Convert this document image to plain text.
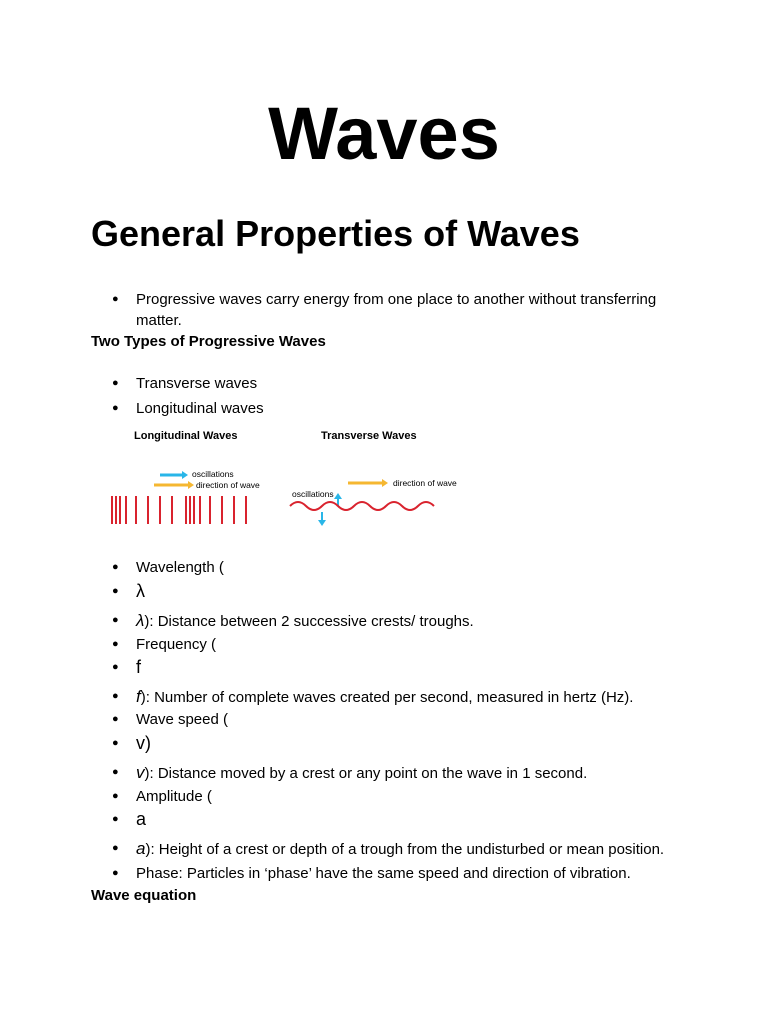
Waves
General Properties of Waves
●	Progressive waves carry energy from one place to another without transferring matter.
Two Types of Progressive Waves
●	Transverse waves
●	Longitudinal waves
Longitudinal Waves	Transverse Waves
oscillations
direction of wave	direction of wave
oscillations
●	Wavelength (
● λ
●	λ): Distance between 2 successive crests/ troughs.
●	Frequency (
● f
●	f): Number of complete waves created per second, measured in hertz (Hz).
●	Wave speed (
● v)
●	v): Distance moved by a crest or any point on the wave in 1 second.
●	Amplitude (
● a
●	a): Height of a crest or depth of a trough from the undisturbed or mean position.
●	Phase: Particles in ‘phase’ have the same speed and direction of vibration.
Wave equation
